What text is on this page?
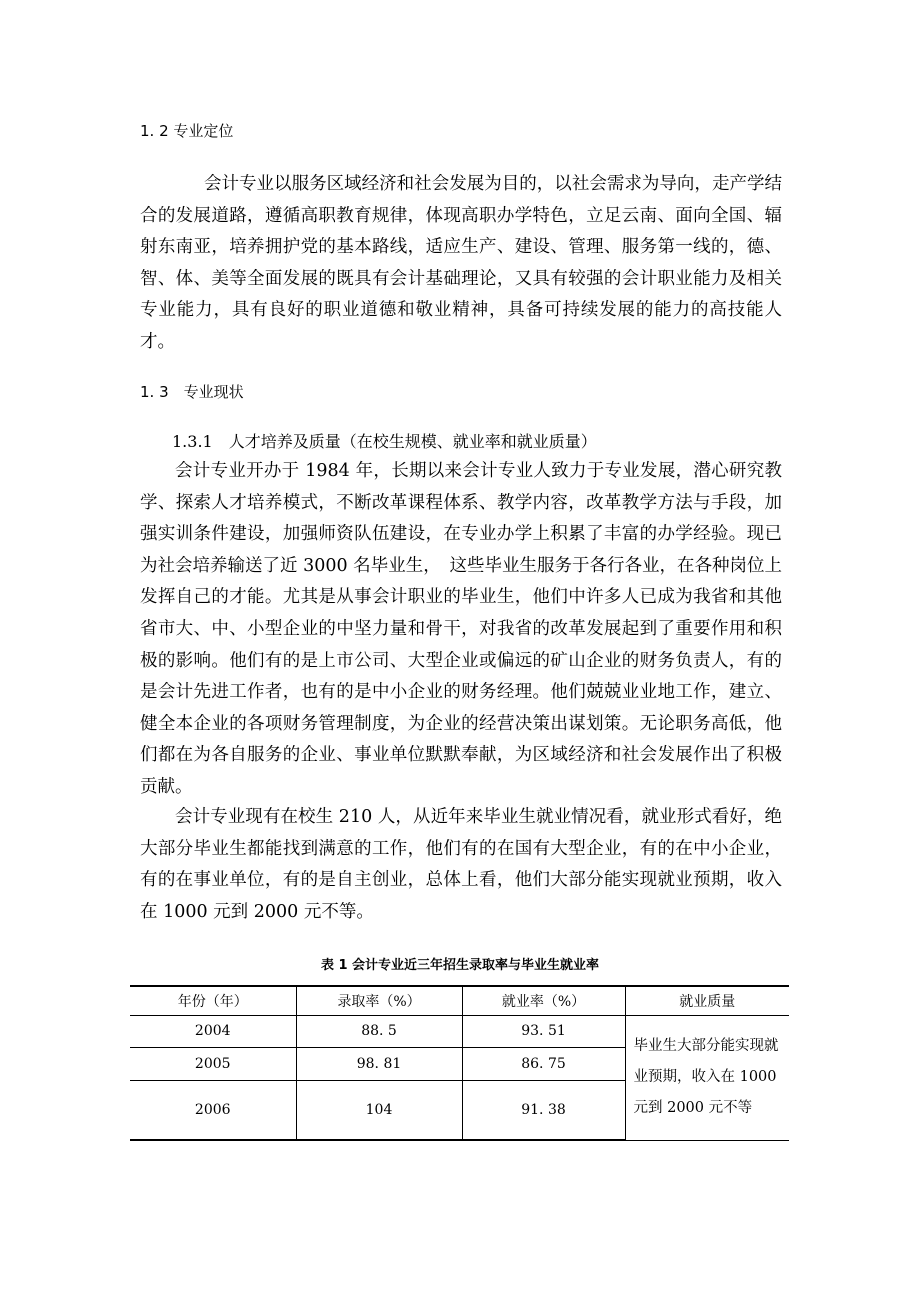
1. 2 专业定位
会计专业以服务区域经济和社会发展为目的，以社会需求为导向，走产学结合的发展道路，遵循高职教育规律，体现高职办学特色，立足云南、面向全国、辐射东南亚，培养拥护党的基本路线，适应生产、建设、管理、服务第一线的，德、智、体、美等全面发展的既具有会计基础理论，又具有较强的会计职业能力及相关专业能力，具有良好的职业道德和敬业精神，具备可持续发展的能力的高技能人才。
1. 3　专业现状
1.3.1　人才培养及质量（在校生规模、就业率和就业质量）
会计专业开办于 1984 年，长期以来会计专业人致力于专业发展，潜心研究教学、探索人才培养模式，不断改革课程体系、教学内容，改革教学方法与手段，加强实训条件建设，加强师资队伍建设，在专业办学上积累了丰富的办学经验。现已为社会培养输送了近 3000 名毕业生，　这些毕业生服务于各行各业，在各种岗位上发挥自己的才能。尤其是从事会计职业的毕业生，他们中许多人已成为我省和其他省市大、中、小型企业的中坚力量和骨干，对我省的改革发展起到了重要作用和积极的影响。他们有的是上市公司、大型企业或偏远的矿山企业的财务负责人，有的是会计先进工作者，也有的是中小企业的财务经理。他们兢兢业业地工作，建立、健全本企业的各项财务管理制度，为企业的经营决策出谋划策。无论职务高低，他们都在为各自服务的企业、事业单位默默奉献，为区域经济和社会发展作出了积极贡献。
会计专业现有在校生 210 人，从近年来毕业生就业情况看，就业形式看好，绝大部分毕业生都能找到满意的工作，他们有的在国有大型企业，有的在中小企业，有的在事业单位，有的是自主创业，总体上看，他们大部分能实现就业预期，收入在 1000 元到 2000 元不等。
表 1 会计专业近三年招生录取率与毕业生就业率
年份（年）	录取率（%）	就业率（%）	就业质量
2004	88. 5	93. 51	毕业生大部分能实现就业预期，收入在 1000 元到 2000 元不等
2005	98. 81	86. 75	
2006	104	91. 38	
